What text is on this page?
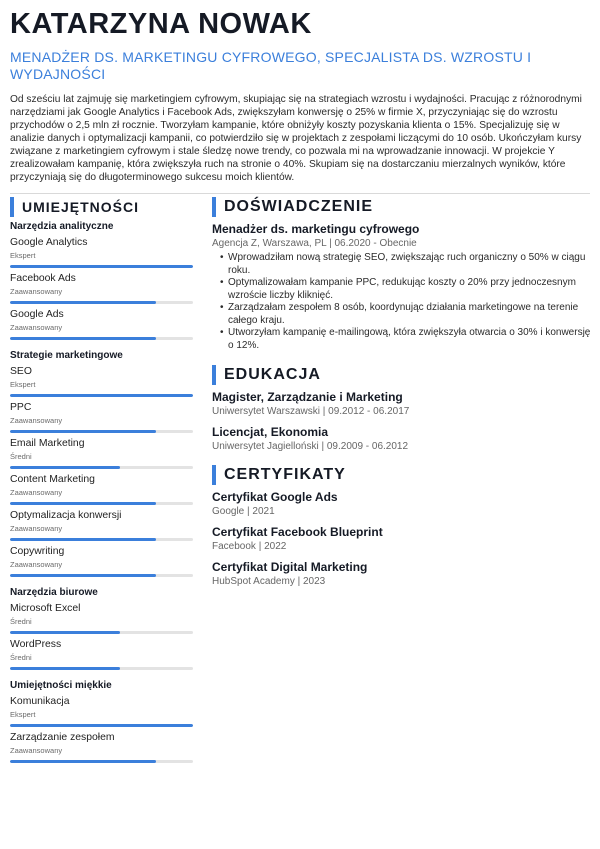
KATARZYNA NOWAK
MENADŻER DS. MARKETINGU CYFROWEGO, SPECJALISTA DS. WZROSTU I WYDAJNOŚCI
Od sześciu lat zajmuję się marketingiem cyfrowym, skupiając się na strategiach wzrostu i wydajności. Pracując z różnorodnymi narzędziami jak Google Analytics i Facebook Ads, zwiększyłam konwersję o 25% w firmie X, przyczyniając się do wzrostu przychodów o 2,5 mln zł rocznie. Tworzyłam kampanie, które obniżyły koszty pozyskania klienta o 15%. Specjalizuję się w analizie danych i optymalizacji kampanii, co potwierdziło się w projektach z zespołami liczącymi do 10 osób. Ukończyłam kursy związane z marketingiem cyfrowym i stale śledzę nowe trendy, co pozwala mi na wprowadzanie innowacji. W projekcie Y zrealizowałam kampanię, która zwiększyła ruch na stronie o 40%. Skupiam się na dostarczaniu mierzalnych wyników, które przyczyniają się do długoterminowego sukcesu moich klientów.
UMIEJĘTNOŚCI
Narzędzia analityczne
Google Analytics
Ekspert
Facebook Ads
Zaawansowany
Google Ads
Zaawansowany
Strategie marketingowe
SEO
Ekspert
PPC
Zaawansowany
Email Marketing
Średni
Content Marketing
Zaawansowany
Optymalizacja konwersji
Zaawansowany
Copywriting
Zaawansowany
Narzędzia biurowe
Microsoft Excel
Średni
WordPress
Średni
Umiejętności miękkie
Komunikacja
Ekspert
Zarządzanie zespołem
Zaawansowany
DOŚWIADCZENIE
Menadżer ds. marketingu cyfrowego
Agencja Z, Warszawa, PL | 06.2020 - Obecnie
• Wprowadziłam nową strategię SEO, zwiększając ruch organiczny o 50% w ciągu roku.
• Optymalizowałam kampanie PPC, redukując koszty o 20% przy jednoczesnym wzroście liczby kliknięć.
• Zarządzałam zespołem 8 osób, koordynując działania marketingowe na terenie całego kraju.
• Utworzyłam kampanię e-mailingową, która zwiększyła otwarcia o 30% i konwersję o 12%.
EDUKACJA
Magister, Zarządzanie i Marketing
Uniwersytet Warszawski | 09.2012 - 06.2017
Licencjat, Ekonomia
Uniwersytet Jagielloński | 09.2009 - 06.2012
CERTYFIKATY
Certyfikat Google Ads
Google | 2021
Certyfikat Facebook Blueprint
Facebook | 2022
Certyfikat Digital Marketing
HubSpot Academy | 2023
